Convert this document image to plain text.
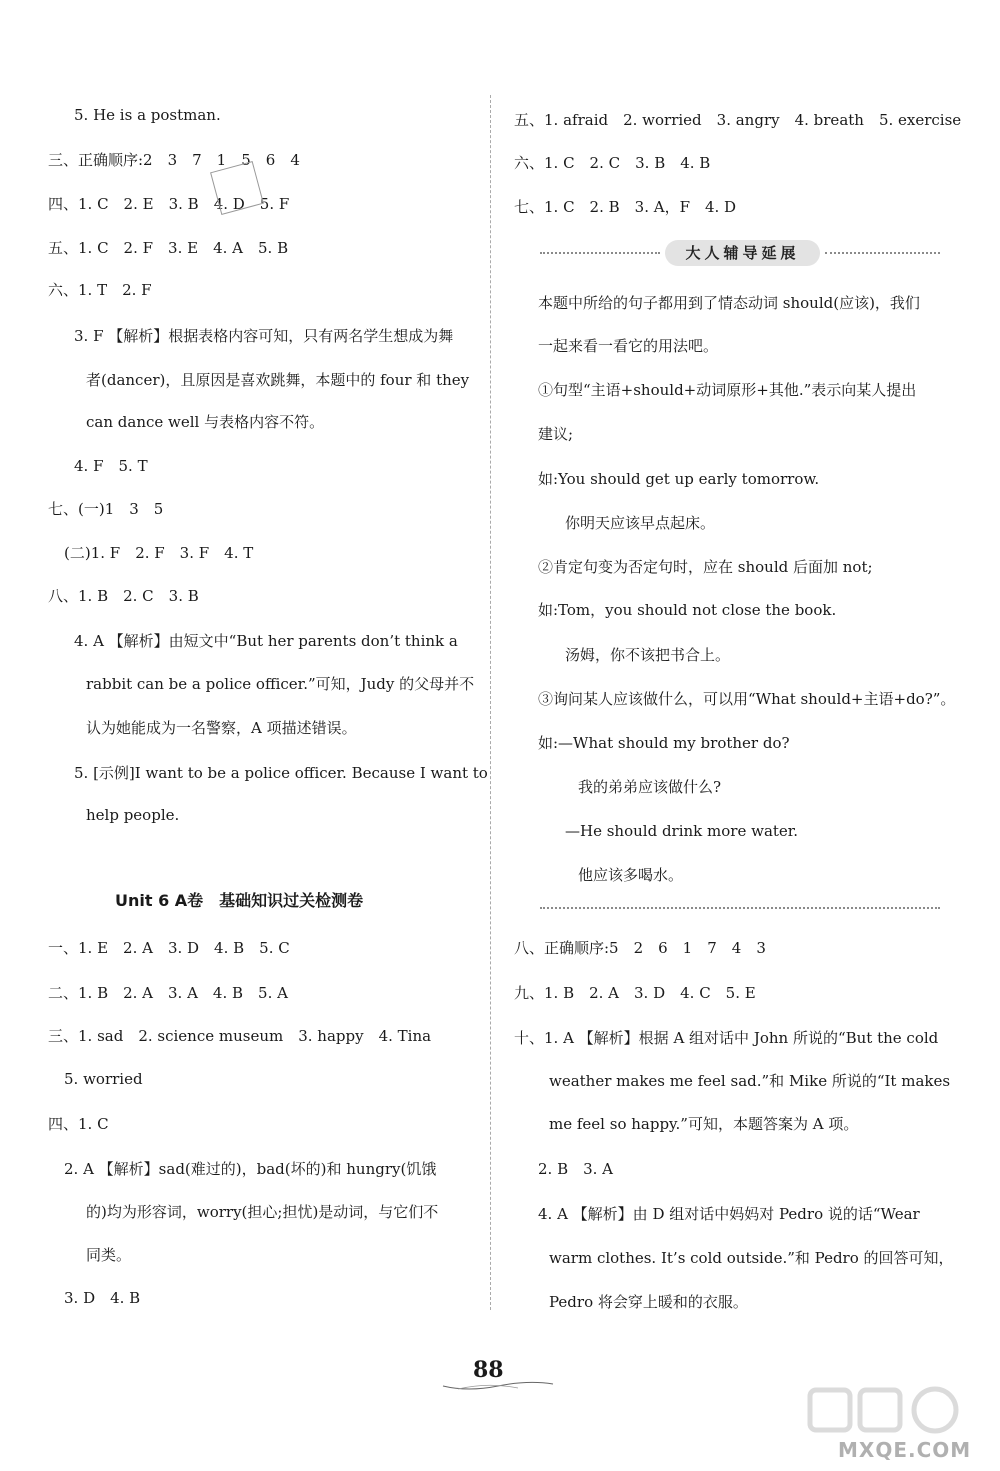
5. He is a postman.
三、正确顺序:2　3　7　1　5　6　4
四、1. C　2. E　3. B　4. D　5. F
五、1. C　2. F　3. E　4. A　5. B
六、1. T　2. F
3. F 【解析】根据表格内容可知，只有两名学生想成为舞
者(dancer)，且原因是喜欢跳舞，本题中的 four 和 they
can dance well 与表格内容不符。
4. F　5. T
七、(一)1　3　5
(二)1. F　2. F　3. F　4. T
八、1. B　2. C　3. B
4. A 【解析】由短文中“But her parents don’t think a
rabbit can be a police officer.”可知，Judy 的父母并不
认为她能成为一名警察，A 项描述错误。
5. [示例]I want to be a police officer. Because I want to
help people.
一、1. E　2. A　3. D　4. B　5. C
二、1. B　2. A　3. A　4. B　5. A
三、1. sad　2. science museum　3. happy　4. Tina
5. worried
四、1. C
2. A 【解析】sad(难过的)，bad(坏的)和 hungry(饥饿
的)均为形容词，worry(担心;担忧)是动词，与它们不
同类。
3. D　4. B
Unit 6 A卷　基础知识过关检测卷
五、1. afraid　2. worried　3. angry　4. breath　5. exercise
六、1. C　2. C　3. B　4. B
七、1. C　2. B　3. A，F　4. D
本题中所给的句子都用到了情态动词 should(应该)，我们
一起来看一看它的用法吧。
①句型“主语+should+动词原形+其他.”表示向某人提出
建议;
如:You should get up early tomorrow.
你明天应该早点起床。
②肯定句变为否定句时，应在 should 后面加 not;
如:Tom，you should not close the book.
汤姆，你不该把书合上。
③询问某人应该做什么，可以用“What should+主语+do?”。
如:—What should my brother do?
我的弟弟应该做什么?
—He should drink more water.
他应该多喝水。
八、正确顺序:5　2　6　1　7　4　3
九、1. B　2. A　3. D　4. C　5. E
十、1. A 【解析】根据 A 组对话中 John 所说的“But the cold
weather makes me feel sad.”和 Mike 所说的“It makes
me feel so happy.”可知，本题答案为 A 项。
2. B　3. A
4. A 【解析】由 D 组对话中妈妈对 Pedro 说的话“Wear
warm clothes. It’s cold outside.”和 Pedro 的回答可知，
Pedro 将会穿上暖和的衣服。
大人辅导延展
88
MXQE.COM
